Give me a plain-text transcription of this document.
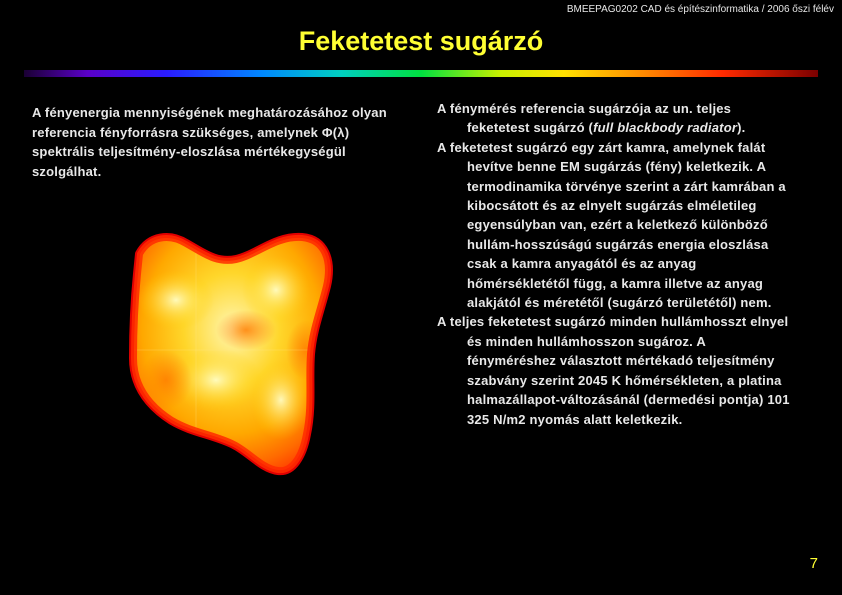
BMEEPAG0202 CAD és építészinformatika / 2006 őszi félév
Feketetest sugárzó
A fényenergia mennyiségének meghatározásához olyan referencia fényforrásra szükséges, amelynek Φ(λ) spektrális teljesítmény-eloszlása mértékegységül szolgálhat.

A fénymérés referencia sugárzója az un. teljes feketetest sugárzó (full blackbody radiator).

A feketetest sugárzó egy zárt kamra, amelynek falát hevítve benne EM sugárzás (fény) keletkezik. A termodinamika törvénye szerint a zárt kamrában a kibocsátott és az elnyelt sugárzás elméletileg egyensúlyban van, ezért a keletkező különböző hullám-hosszúságú sugárzás energia eloszlása csak a kamra anyagától és az anyag hőmérsékletétől függ, a kamra illetve az anyag alakjától és méretétől (sugárzó területétől) nem.

A teljes feketetest sugárzó minden hullámhosszt elnyel és minden hullámhosszon sugároz. A fényméréshez választott mértékadó teljesítmény szabvány szerint 2045 K hőmérsékleten, a platina halmazállapot-változásánál (dermedési pontja) 101 325 N/m2 nyomás alatt keletkezik.

7
